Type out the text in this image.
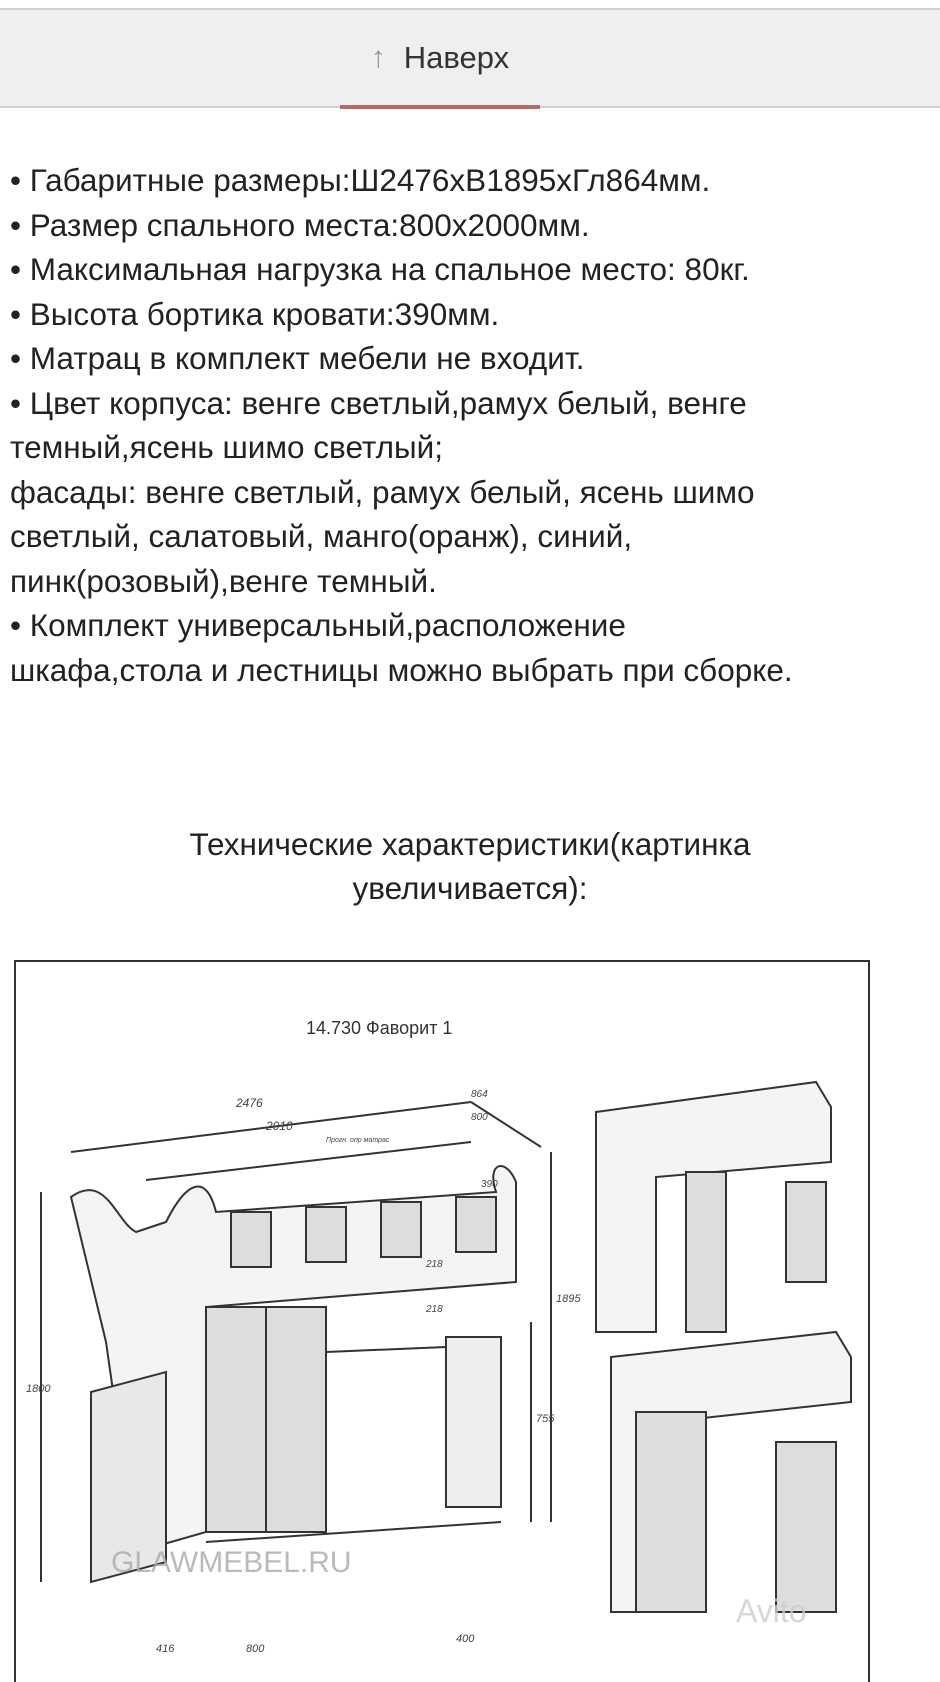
↑ Наверх

• Габаритные размеры:Ш2476хВ1895хГл864мм.

• Размер спального места:800х2000мм.

• Максимальная нагрузка на спальное место: 80кг.

• Высота бортика кровати:390мм.

• Матрац в комплект мебели не входит.

• Цвет корпуса: венге светлый,рамух белый, венге темный,ясень шимо светлый;

фасады: венге светлый, рамух белый, ясень шимо светлый, салатовый, манго(оранж), синий, пинк(розовый),венге темный.

• Комплект универсальный,расположение шкафа,стола и лестницы можно выбрать при сборке.

Технические характеристики(картинка увеличивается):
14.730 Фаворит 1
2476
2010
864
800
Прогн. опр матрас
390
1895
1800
218
218
755
416	800
400
GLAWMEBEL.RU
Avito
